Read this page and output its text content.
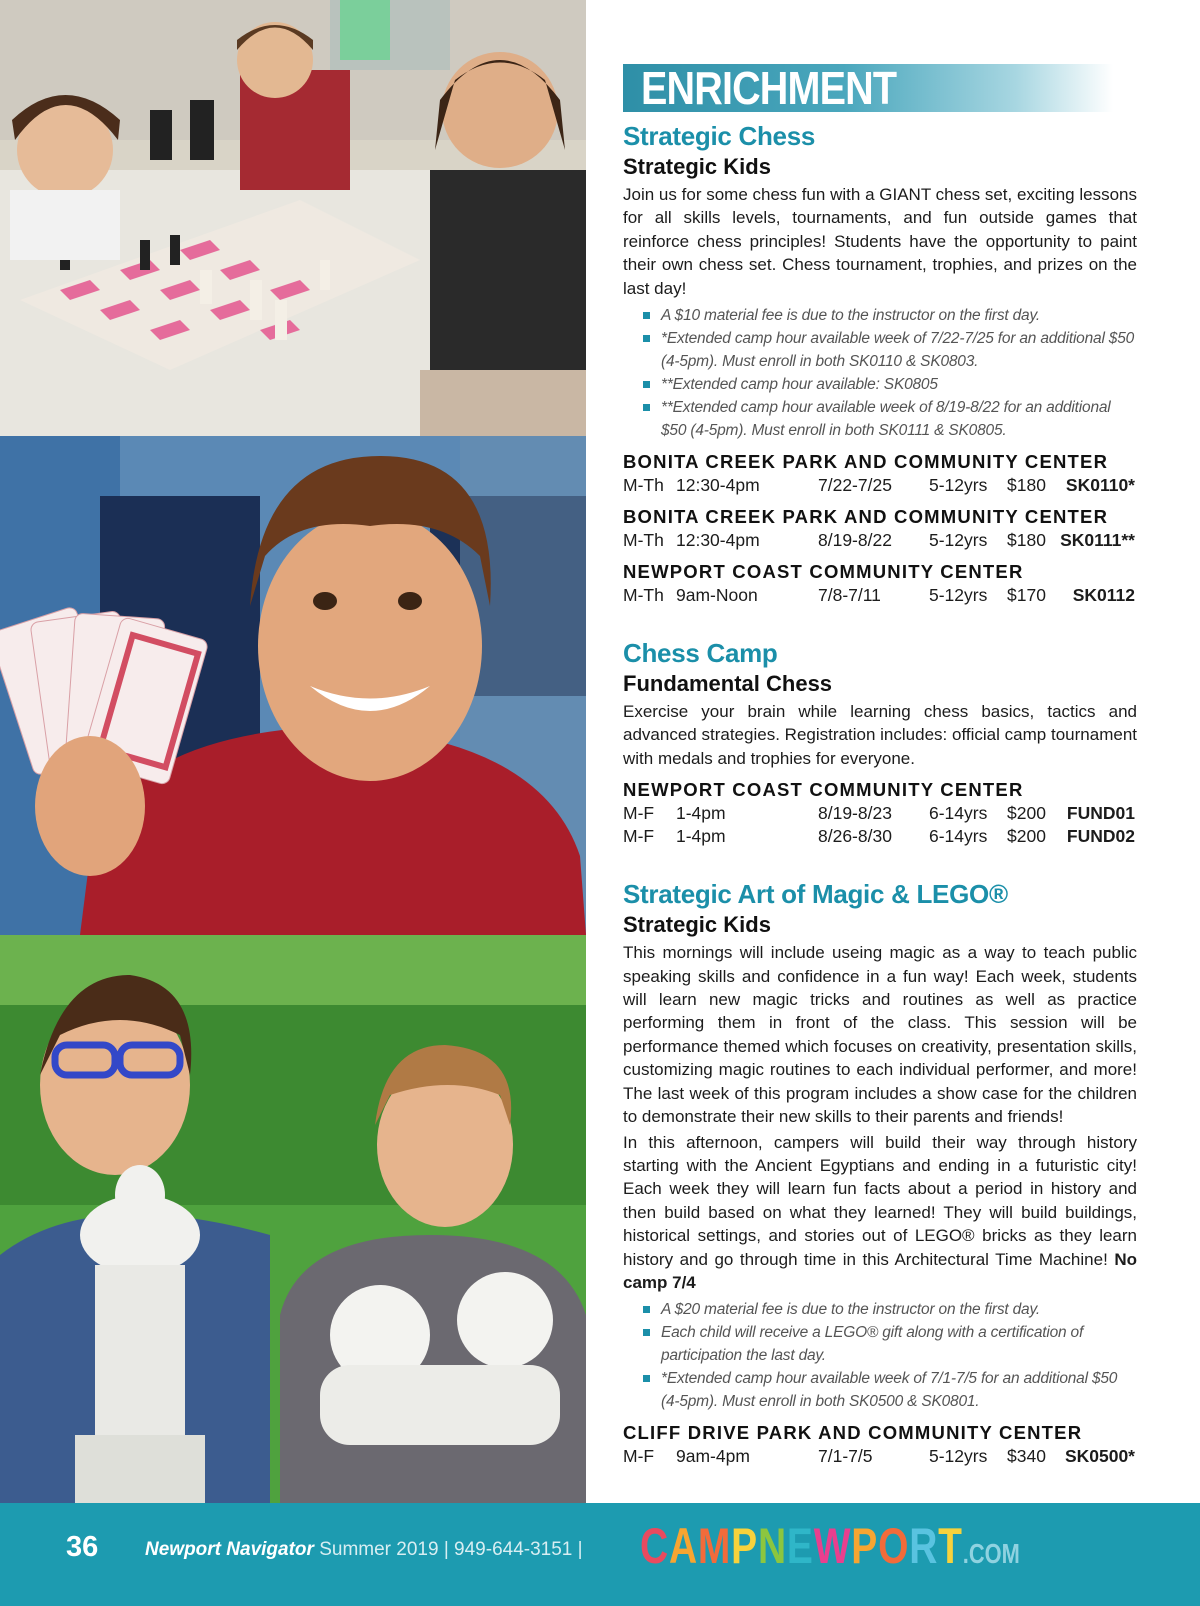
ENRICHMENT
Strategic Chess
Strategic Kids

Join us for some chess fun with a GIANT chess set, exciting lessons for all skills levels, tournaments, and fun outside games that reinforce chess principles! Students have the opportunity to paint their own chess set. Chess tournament, trophies, and prizes on the last day!

A $10 material fee is due to the instructor on the first day.
*Extended camp hour available week of 7/22-7/25 for an additional $50 (4-5pm). Must enroll in both SK0110 & SK0803.
**Extended camp hour available: SK0805
**Extended camp hour available week of 8/19-8/22 for an additional $50 (4-5pm). Must enroll in both SK0111 & SK0805.
BONITA CREEK PARK AND COMMUNITY CENTER
M-Th 12:30-4pm	7/22-7/25 5-12yrs $180 SK0110*
BONITA CREEK PARK AND COMMUNITY CENTER
M-Th 12:30-4pm	8/19-8/22 5-12yrs $180 SK0111**
NEWPORT COAST COMMUNITY CENTER
M-Th 9am-Noon	7/8-7/11	5-12yrs $170 SK0112
Chess Camp
Fundamental Chess

Exercise your brain while learning chess basics, tactics and advanced strategies. Registration includes: official camp tournament with medals and trophies for everyone.

NEWPORT COAST COMMUNITY CENTER
M-F 1-4pm	8/19-8/23 6-14yrs $200 FUND01
M-F 1-4pm	8/26-8/30 6-14yrs $200 FUND02
Strategic Art of Magic & LEGO®
Strategic Kids

This mornings will include useing magic as a way to teach public speaking skills and confidence in a fun way! Each week, students will learn new magic tricks and routines as well as practice performing them in front of the class. This session will be performance themed which focuses on creativity, presentation skills, customizing magic routines to each individual performer, and more! The last week of this program includes a show case for the children to demonstrate their new skills to their parents and friends!

In this afternoon, campers will build their way through history starting with the Ancient Egyptians and ending in a futuristic city! Each week they will learn fun facts about a period in history and then build based on what they learned! They will build buildings, historical settings, and stories out of LEGO® bricks as they learn history and go through time in this Architectural Time Machine! No camp 7/4

A $20 material fee is due to the instructor on the first day.
Each child will receive a LEGO® gift along with a certification of participation the last day.
*Extended camp hour available week of 7/1-7/5 for an additional $50 (4-5pm). Must enroll in both SK0500 & SK0801.
CLIFF DRIVE PARK AND COMMUNITY CENTER
M-F 9am-4pm	7/1-7/5	5-12yrs $340 SK0500*
36 Newport Navigator Summer 2019 | 949-644-3151 | CAMPNEWPORT.COM
